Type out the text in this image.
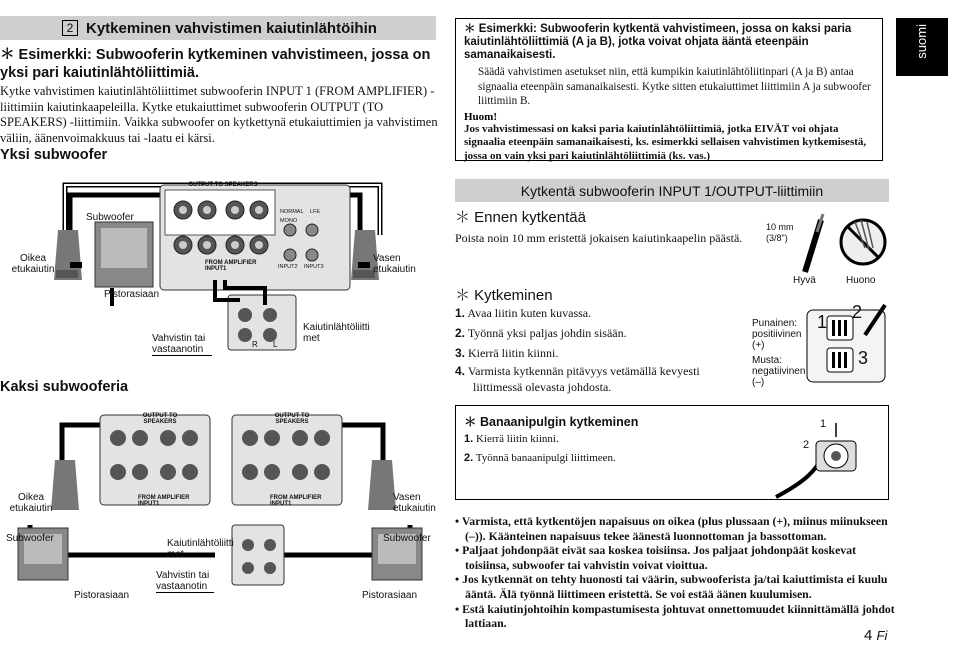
2 Kytkeminen vahvistimen kaiutinlähtöihin
＊ Esimerkki: Subwooferin kytkeminen vahvistimeen, jossa on yksi pari kaiutinlähtöliittimiä.
Kytke vahvistimen kaiutinlähtöliittimet subwooferin INPUT 1 (FROM AMPLIFIER) -liittimiin kaiutinkaapeleilla. Kytke etukaiuttimet subwooferin OUTPUT (TO SPEAKERS) -liittimiin. Vaikka subwoofer on kytkettynä etukaiuttimien ja vahvistimen väliin, äänenvoimakkuus tai -laatu ei kärsi.
Yksi subwoofer
OUTPUT TO SPEAKERS
FROM AMPLIFIER INPUT1
NORMAL
MONO
LFE
INPUT2 INPUT3
R L
Subwoofer
Oikea etukaiutin
Vasen etukaiutin
Pistorasiaan
Vahvistin tai vastaanotin
Kaiutinlähtöliitti met
Kaksi subwooferia
OUTPUT TO SPEAKERS
OUTPUT TO SPEAKERS
FROM AMPLIFIER INPUT1
FROM AMPLIFIER INPUT1
Oikea etukaiutin
Vasen etukaiutin
Subwoofer	Subwoofer
Kaiutinlähtöliitti met
Vahvistin tai vastaanotin
Pistorasiaan	Pistorasiaan
＊ Esimerkki: Subwooferin kytkentä vahvistimeen, jossa on kaksi paria kaiutinlähtöliittimiä (A ja B), jotka voivat ohjata ääntä eteenpäin samanaikaisesti.
Säädä vahvistimen asetukset niin, että kumpikin kaiutinlähtöliitinpari (A ja B) antaa signaalia eteenpäin samanaikaisesti. Kytke sitten etukaiuttimet liittimiin A ja subwoofer liittimiin B.
Huom!
Jos vahvistimessasi on kaksi paria kaiutinlähtöliittimiä, jotka EIVÄT voi ohjata signaalia eteenpäin samanaikaisesti, ks. esimerkki sellaisen vahvistimen kytkemisestä, jossa on vain yksi pari kaiutinlähtöliittimiä (ks. vas.)
suomi
Kytkentä subwooferin INPUT 1/OUTPUT-liittimiin
＊ Ennen kytkentää
Poista noin 10 mm eristettä jokaisen kaiutinkaapelin päästä.
10 mm (3/8")
Hyvä	Huono
＊ Kytkeminen
1. Avaa liitin kuten kuvassa.
2. Työnnä yksi paljas johdin sisään.
3. Kierrä liitin kiinni.
4. Varmista kytkennän pitävyys vetämällä kevyesti liittimessä olevasta johdosta.
Punainen: positiivinen (+)
Musta: negatiivinen (–)
1 2
3
＊ Banaanipulgin kytkeminen
1. Kierrä liitin kiinni.
2. Työnnä banaanipulgi liittimeen.
1
2
• Varmista, että kytkentöjen napaisuus on oikea (plus plussaan (+), miinus miinukseen (–)). Käänteinen napaisuus tekee äänestä luonnottoman ja bassottoman.
• Paljaat johdonpäät eivät saa koskea toisiinsa. Jos paljaat johdonpäät koskevat toisiinsa, subwoofer tai vahvistin voivat vioittua.
• Jos kytkennät on tehty huonosti tai väärin, subwooferista ja/tai kaiuttimista ei kuulu ääntä. Älä työnnä liittimeen eristettä. Se voi estää äänen kuulumisen.
• Estä kaiutinjohtoihin kompastumisesta johtuvat onnettomuudet kiinnittämällä johdot lattiaan.
4 Fi
